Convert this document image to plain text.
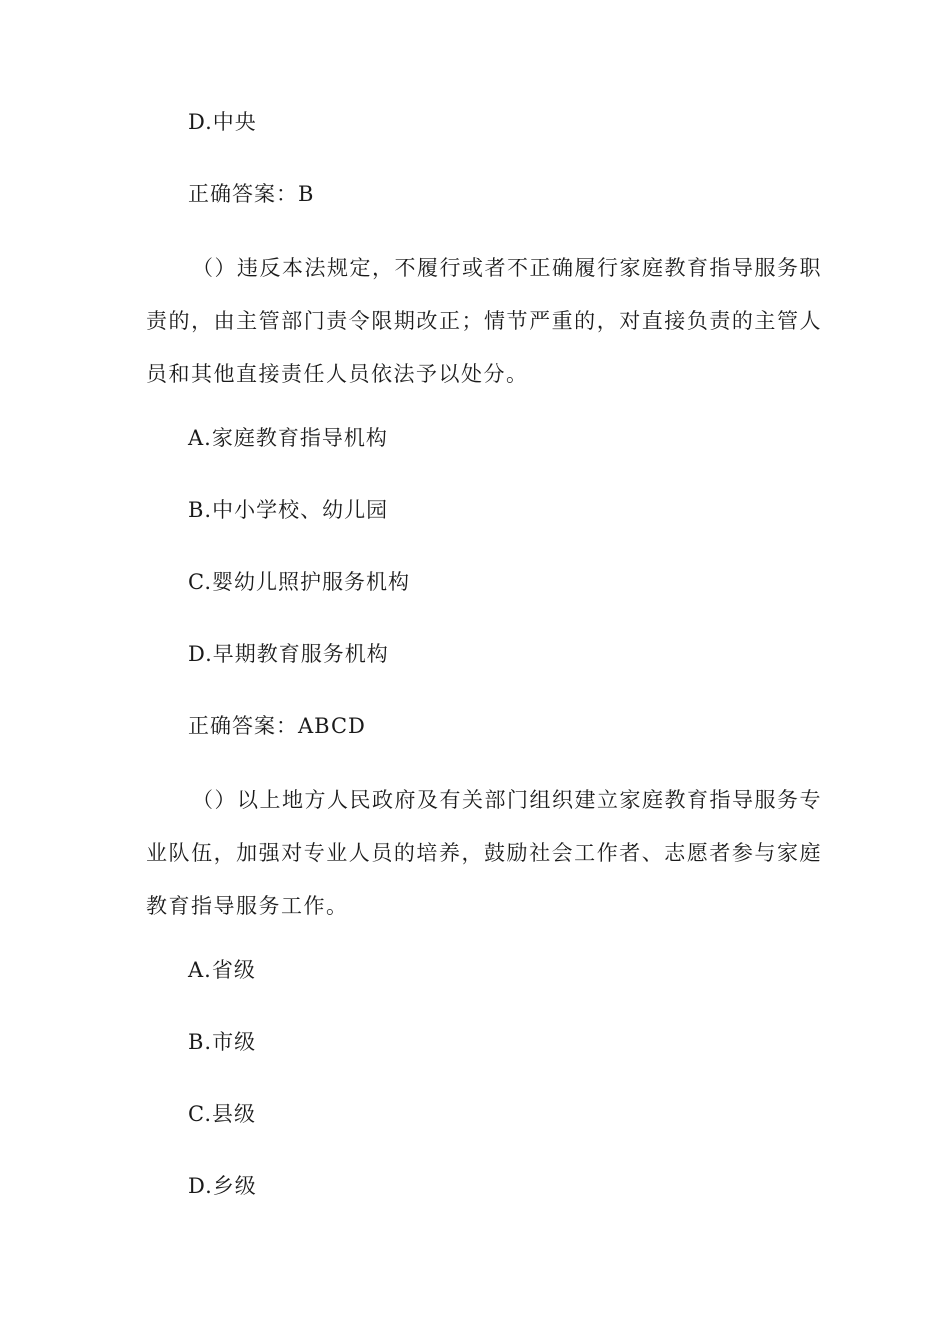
D.中央
正确答案：B
（）违反本法规定，不履行或者不正确履行家庭教育指导服务职责的，由主管部门责令限期改正；情节严重的，对直接负责的主管人员和其他直接责任人员依法予以处分。
A.家庭教育指导机构
B.中小学校、幼儿园
C.婴幼儿照护服务机构
D.早期教育服务机构
正确答案：ABCD
（）以上地方人民政府及有关部门组织建立家庭教育指导服务专业队伍，加强对专业人员的培养，鼓励社会工作者、志愿者参与家庭教育指导服务工作。
A.省级
B.市级
C.县级
D.乡级
